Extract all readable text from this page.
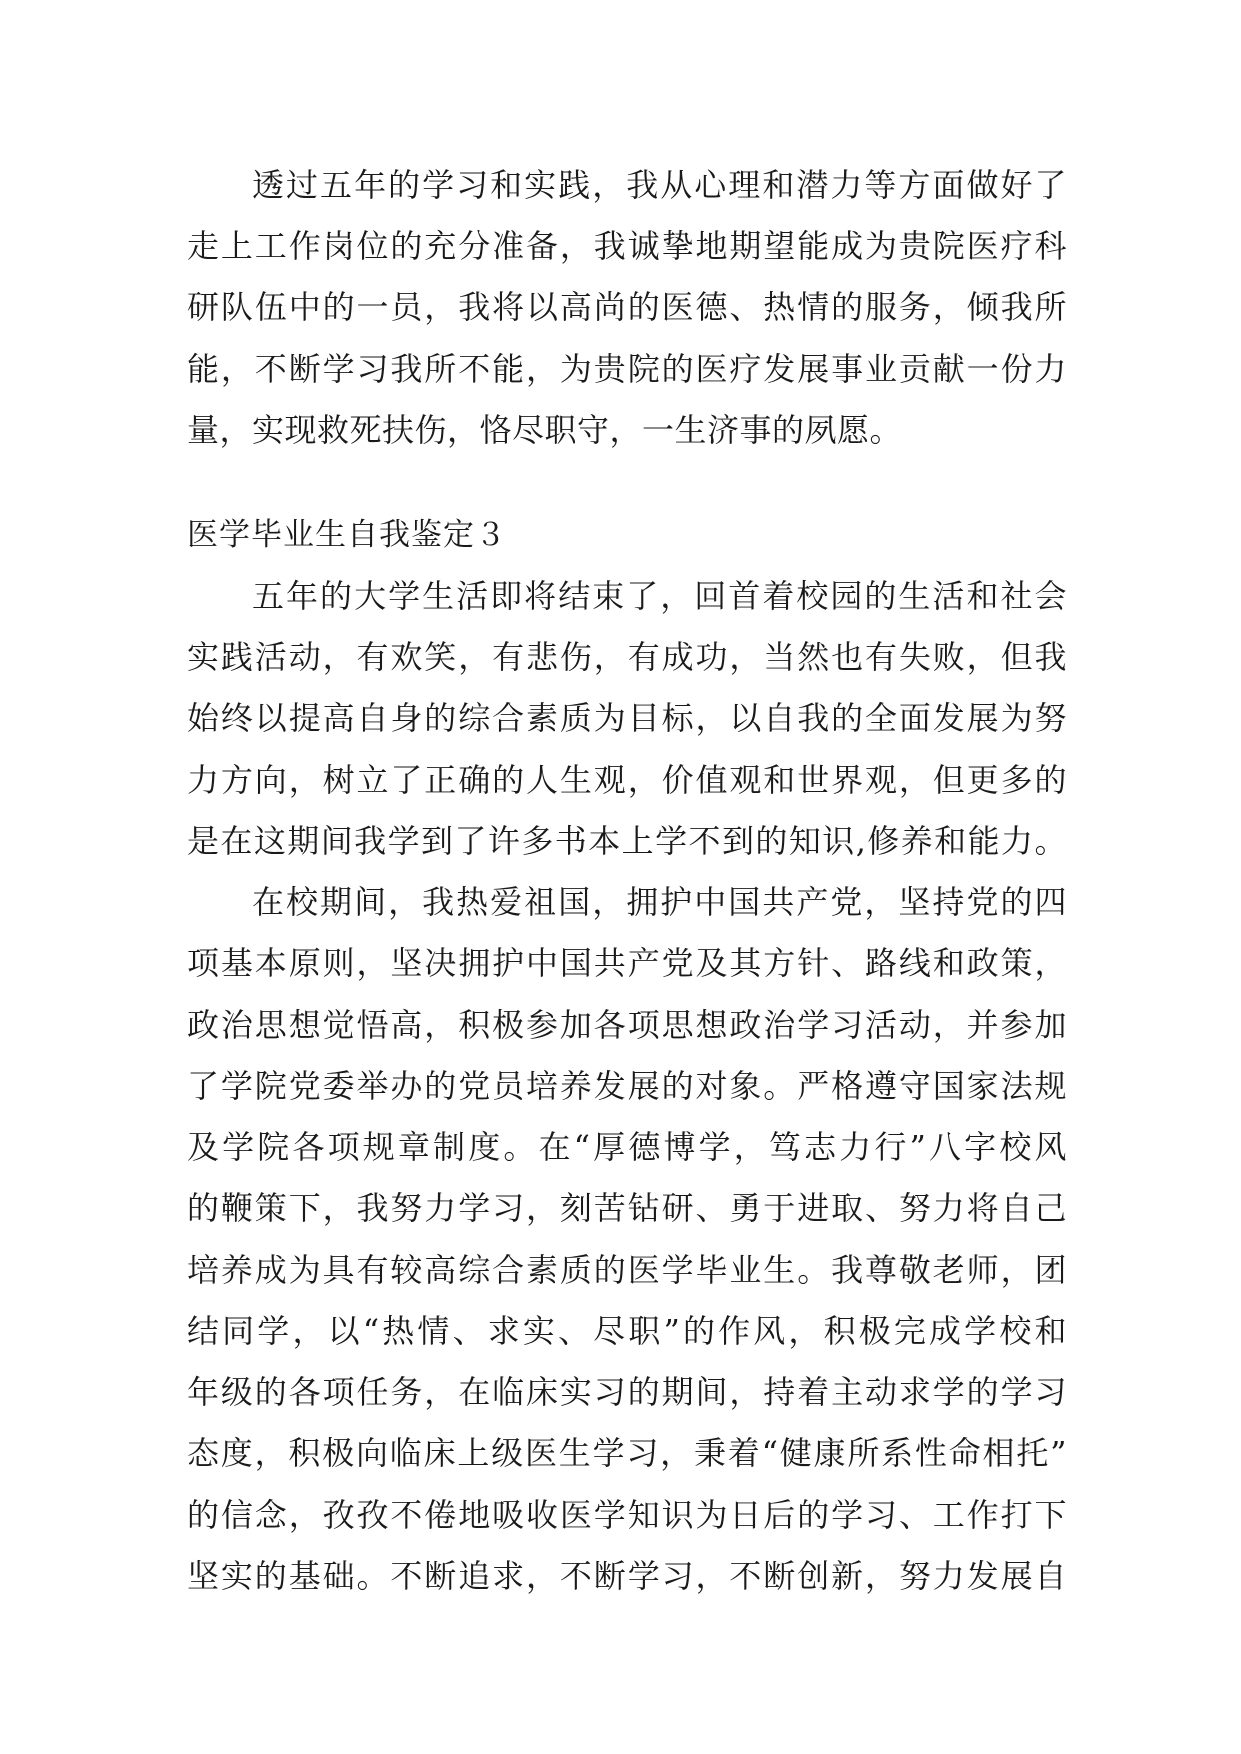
透过五年的学习和实践，我从心理和潜力等方面做好了
走上工作岗位的充分准备，我诚挚地期望能成为贵院医疗科
研队伍中的一员，我将以高尚的医德、热情的服务，倾我所
能，不断学习我所不能，为贵院的医疗发展事业贡献一份力
量，实现救死扶伤，恪尽职守，一生济事的夙愿。
医学毕业生自我鉴定３
五年的大学生活即将结束了，回首着校园的生活和社会
实践活动，有欢笑，有悲伤，有成功，当然也有失败，但我
始终以提高自身的综合素质为目标，以自我的全面发展为努
力方向，树立了正确的人生观，价值观和世界观，但更多的
是在这期间我学到了许多书本上学不到的知识,修养和能力。
在校期间，我热爱祖国，拥护中国共产党，坚持党的四
项基本原则，坚决拥护中国共产党及其方针、路线和政策，
政治思想觉悟高，积极参加各项思想政治学习活动，并参加
了学院党委举办的党员培养发展的对象。严格遵守国家法规
及学院各项规章制度。在“厚德博学，笃志力行”八字校风
的鞭策下，我努力学习，刻苦钻研、勇于进取、努力将自己
培养成为具有较高综合素质的医学毕业生。我尊敬老师，团
结同学，以“热情、求实、尽职”的作风，积极完成学校和
年级的各项任务，在临床实习的期间，持着主动求学的学习
态度，积极向临床上级医生学习，秉着“健康所系性命相托”
的信念，孜孜不倦地吸收医学知识为日后的学习、工作打下
坚实的基础。不断追求，不断学习，不断创新，努力发展自
